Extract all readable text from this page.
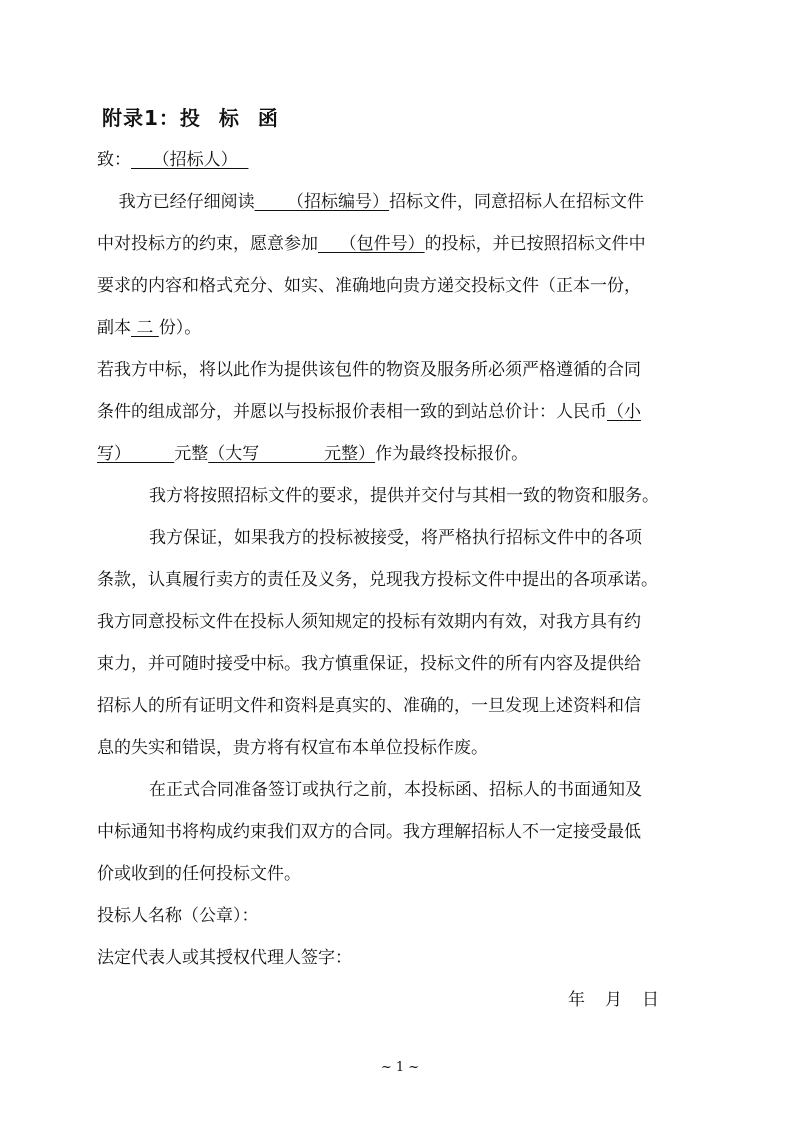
附录1：投 标 函
致：    （招标人）
我方已经仔细阅读      （招标编号）招标文件，同意招标人在招标文件
中对投标方的约束，愿意参加    （包件号）的投标，并已按照招标文件中
要求的内容和格式充分、如实、准确地向贵方递交投标文件（正本一份，
副本 二 份）。
若我方中标，将以此作为提供该包件的物资及服务所必须严格遵循的合同
条件的组成部分，并愿以与投标报价表相一致的到站总价计：人民币（小
写）        元整（大写            元整）作为最终投标报价。
我方将按照招标文件的要求，提供并交付与其相一致的物资和服务。
我方保证，如果我方的投标被接受，将严格执行招标文件中的各项
条款，认真履行卖方的责任及义务，兑现我方投标文件中提出的各项承诺。
我方同意投标文件在投标人须知规定的投标有效期内有效，对我方具有约
束力，并可随时接受中标。我方慎重保证，投标文件的所有内容及提供给
招标人的所有证明文件和资料是真实的、准确的，一旦发现上述资料和信
息的失实和错误，贵方将有权宣布本单位投标作废。
在正式合同准备签订或执行之前，本投标函、招标人的书面通知及
中标通知书将构成约束我们双方的合同。我方理解招标人不一定接受最低
价或收到的任何投标文件。
投标人名称（公章）：
法定代表人或其授权代理人签字：
年 月 日
~ 1 ~
